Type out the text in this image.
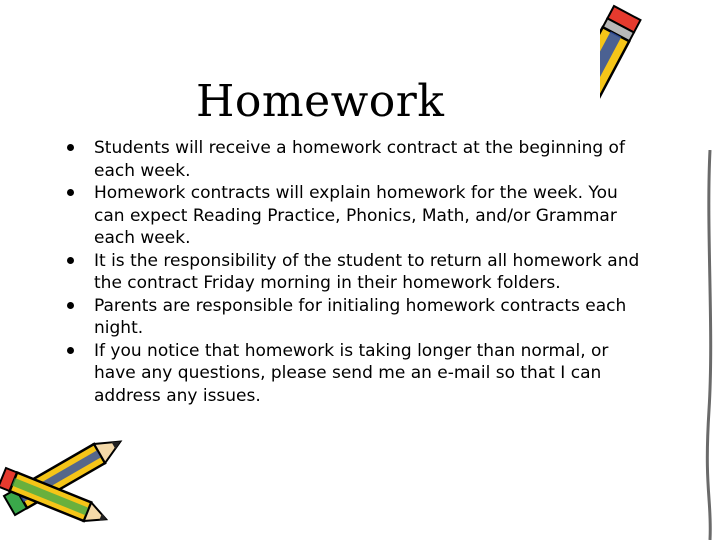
Homework
Students will receive a homework contract at the beginning of each week.
Homework contracts will explain homework for the week. You can expect Reading Practice, Phonics, Math, and/or Grammar each week.
It is the responsibility of the student to return all homework and the contract Friday morning in their homework folders.
Parents are responsible for initialing homework contracts each night.
If you notice that homework is taking longer than normal, or have any questions, please send me an e-mail so that I can address any issues.
